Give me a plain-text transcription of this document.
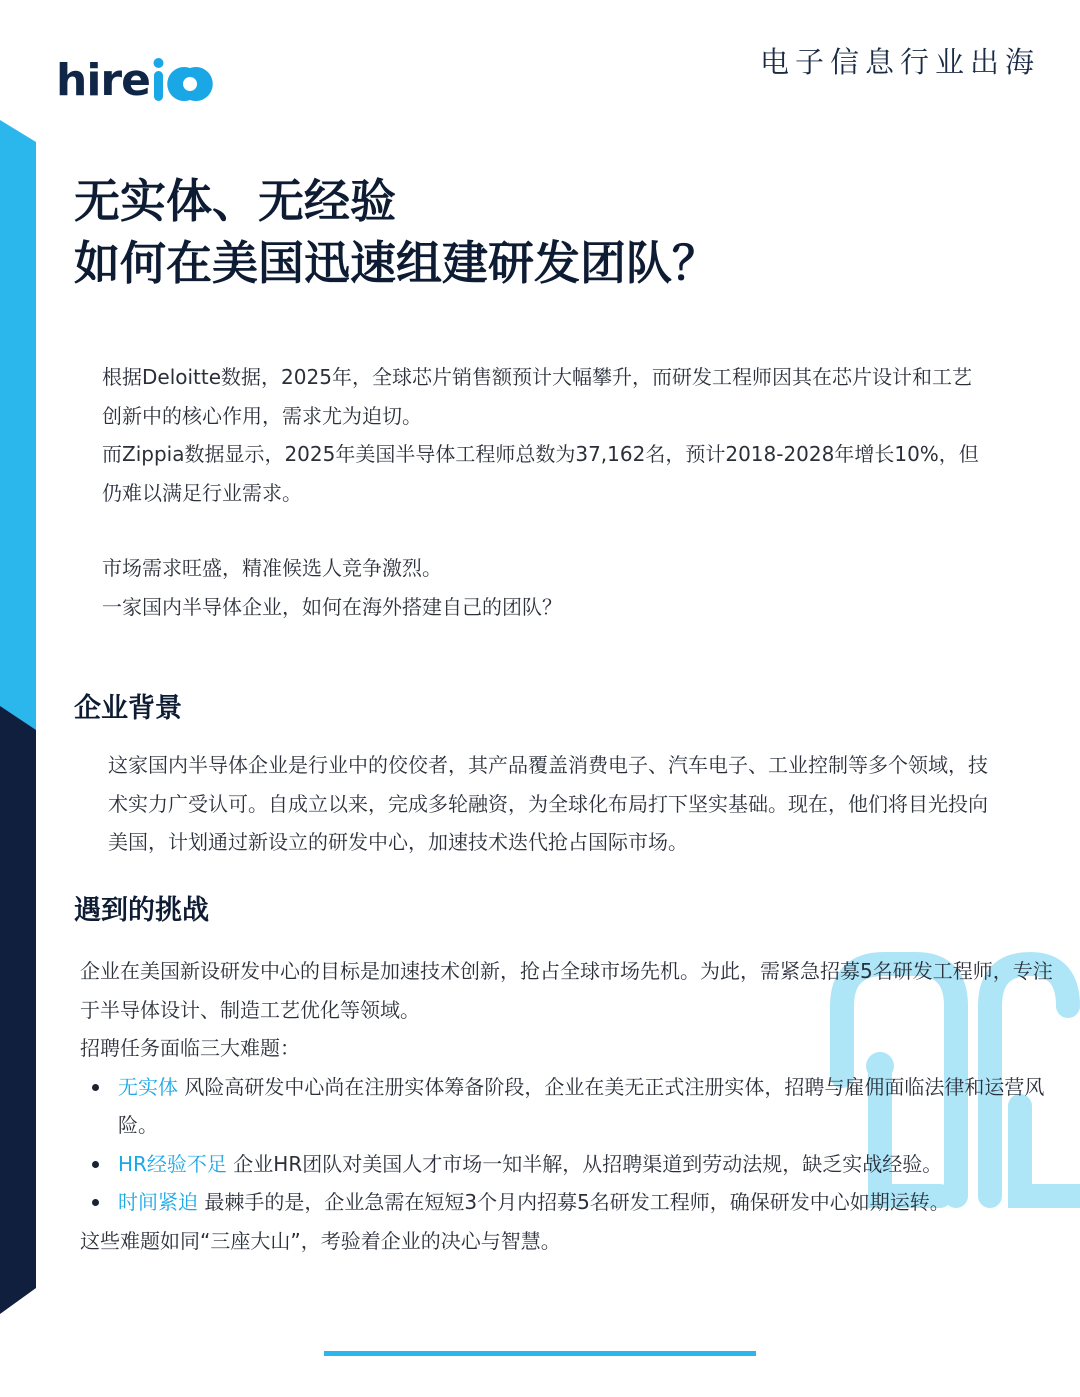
hire	电子信息行业出海
无实体、无经验
如何在美国迅速组建研发团队？

根据Deloitte数据，2025年，全球芯片销售额预计大幅攀升，而研发工程师因其在芯片设计和工艺创新中的核心作用，需求尤为迫切。

而Zippia数据显示，2025年美国半导体工程师总数为37,162名，预计2018-2028年增长10%，但仍难以满足行业需求。

市场需求旺盛，精准候选人竞争激烈。

一家国内半导体企业，如何在海外搭建自己的团队？

企业背景

这家国内半导体企业是行业中的佼佼者，其产品覆盖消费电子、汽车电子、工业控制等多个领域，技术实力广受认可。自成立以来，完成多轮融资，为全球化布局打下坚实基础。现在，他们将目光投向美国，计划通过新设立的研发中心，加速技术迭代抢占国际市场。

遇到的挑战

企业在美国新设研发中心的目标是加速技术创新，抢占全球市场先机。为此，需紧急招募5名研发工程师，专注于半导体设计、制造工艺优化等领域。

招聘任务面临三大难题：

无实体 风险高研发中心尚在注册实体筹备阶段，企业在美无正式注册实体，招聘与雇佣面临法律和运营风险。
HR经验不足 企业HR团队对美国人才市场一知半解，从招聘渠道到劳动法规，缺乏实战经验。
时间紧迫 最棘手的是，企业急需在短短3个月内招募5名研发工程师，确保研发中心如期运转。

这些难题如同“三座大山”，考验着企业的决心与智慧。
